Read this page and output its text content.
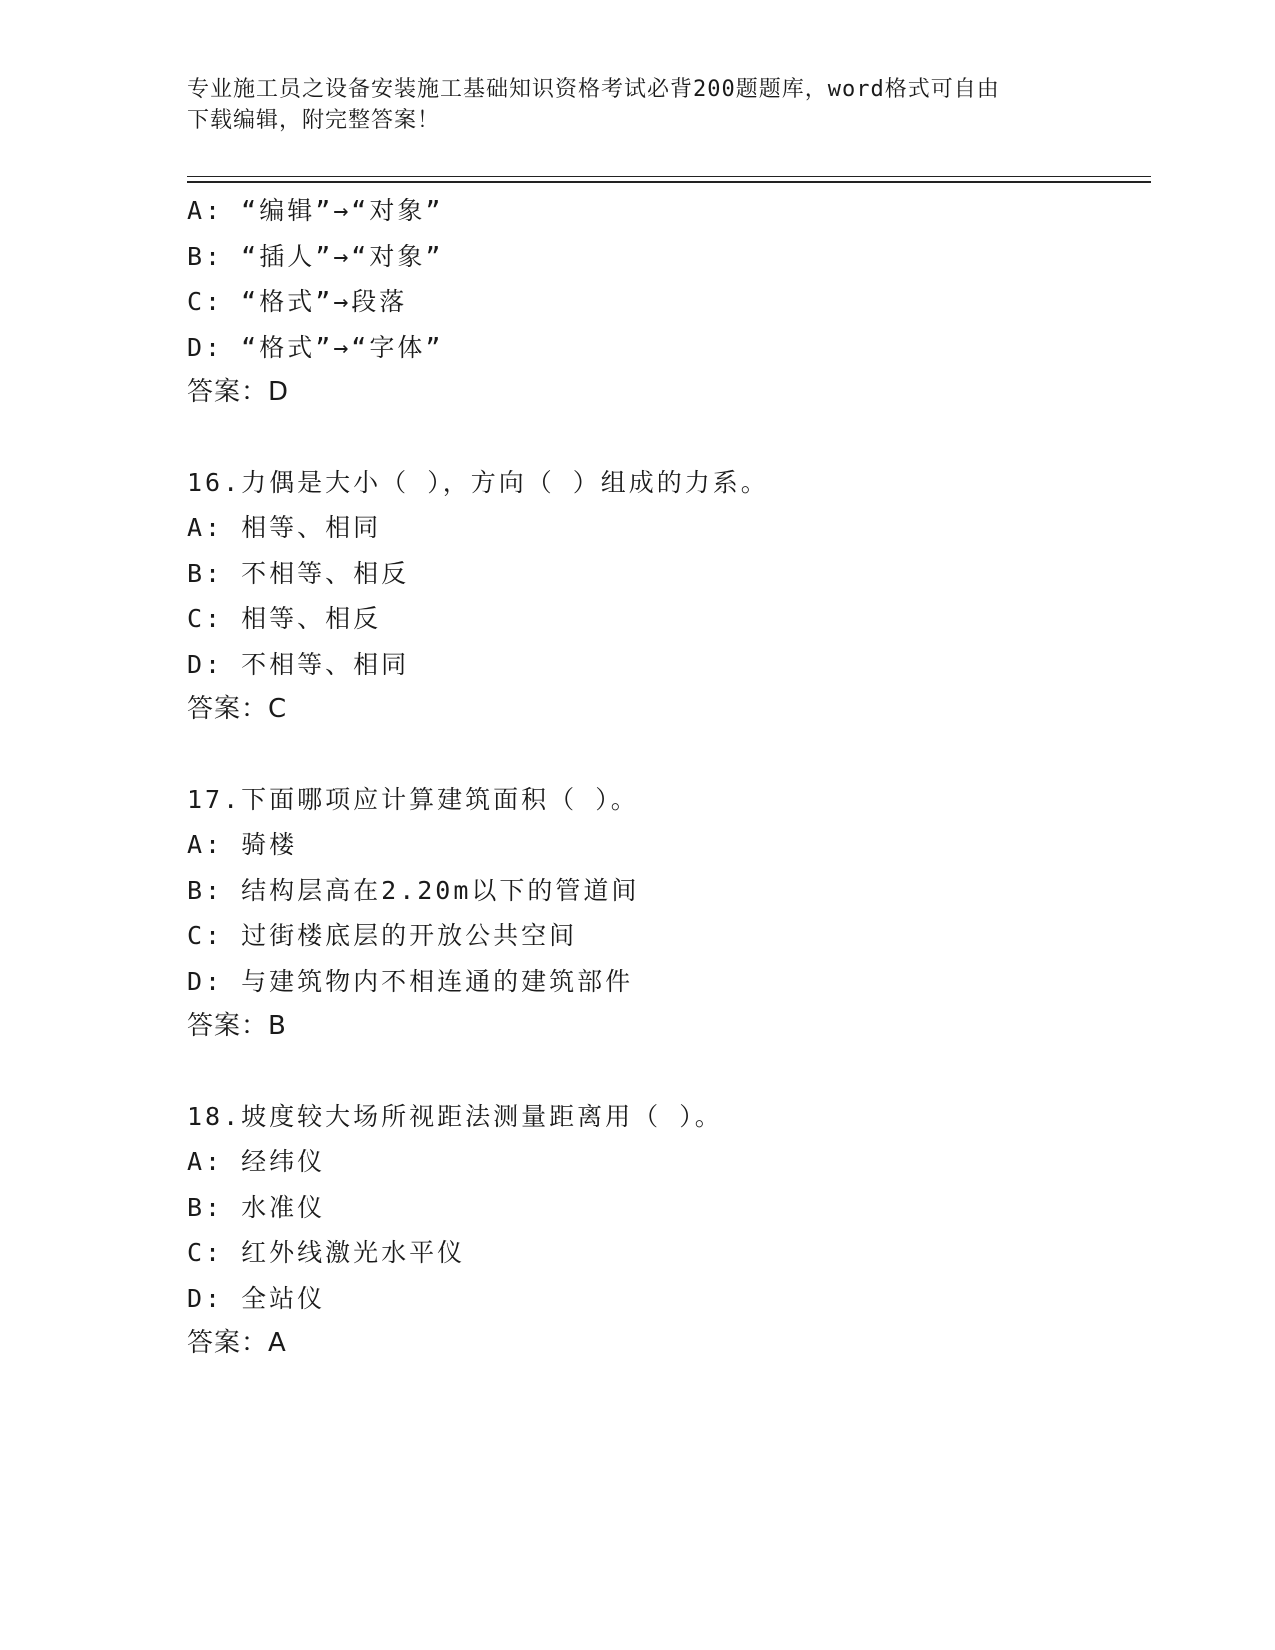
专业施工员之设备安装施工基础知识资格考试必背200题题库，word格式可自由
下载编辑，附完整答案！
A: “编辑”→“对象”
B: “插人”→“对象”
C: “格式”→段落
D: “格式”→“字体”
答案：D
16.力偶是大小（ ），方向（ ）组成的力系。
A: 相等、相同
B: 不相等、相反
C: 相等、相反
D: 不相等、相同
答案：C
17.下面哪项应计算建筑面积（ ）。
A: 骑楼
B: 结构层高在2.20m以下的管道间
C: 过街楼底层的开放公共空间
D: 与建筑物内不相连通的建筑部件
答案：B
18.坡度较大场所视距法测量距离用（ ）。
A: 经纬仪
B: 水准仪
C: 红外线激光水平仪
D: 全站仪
答案：A
